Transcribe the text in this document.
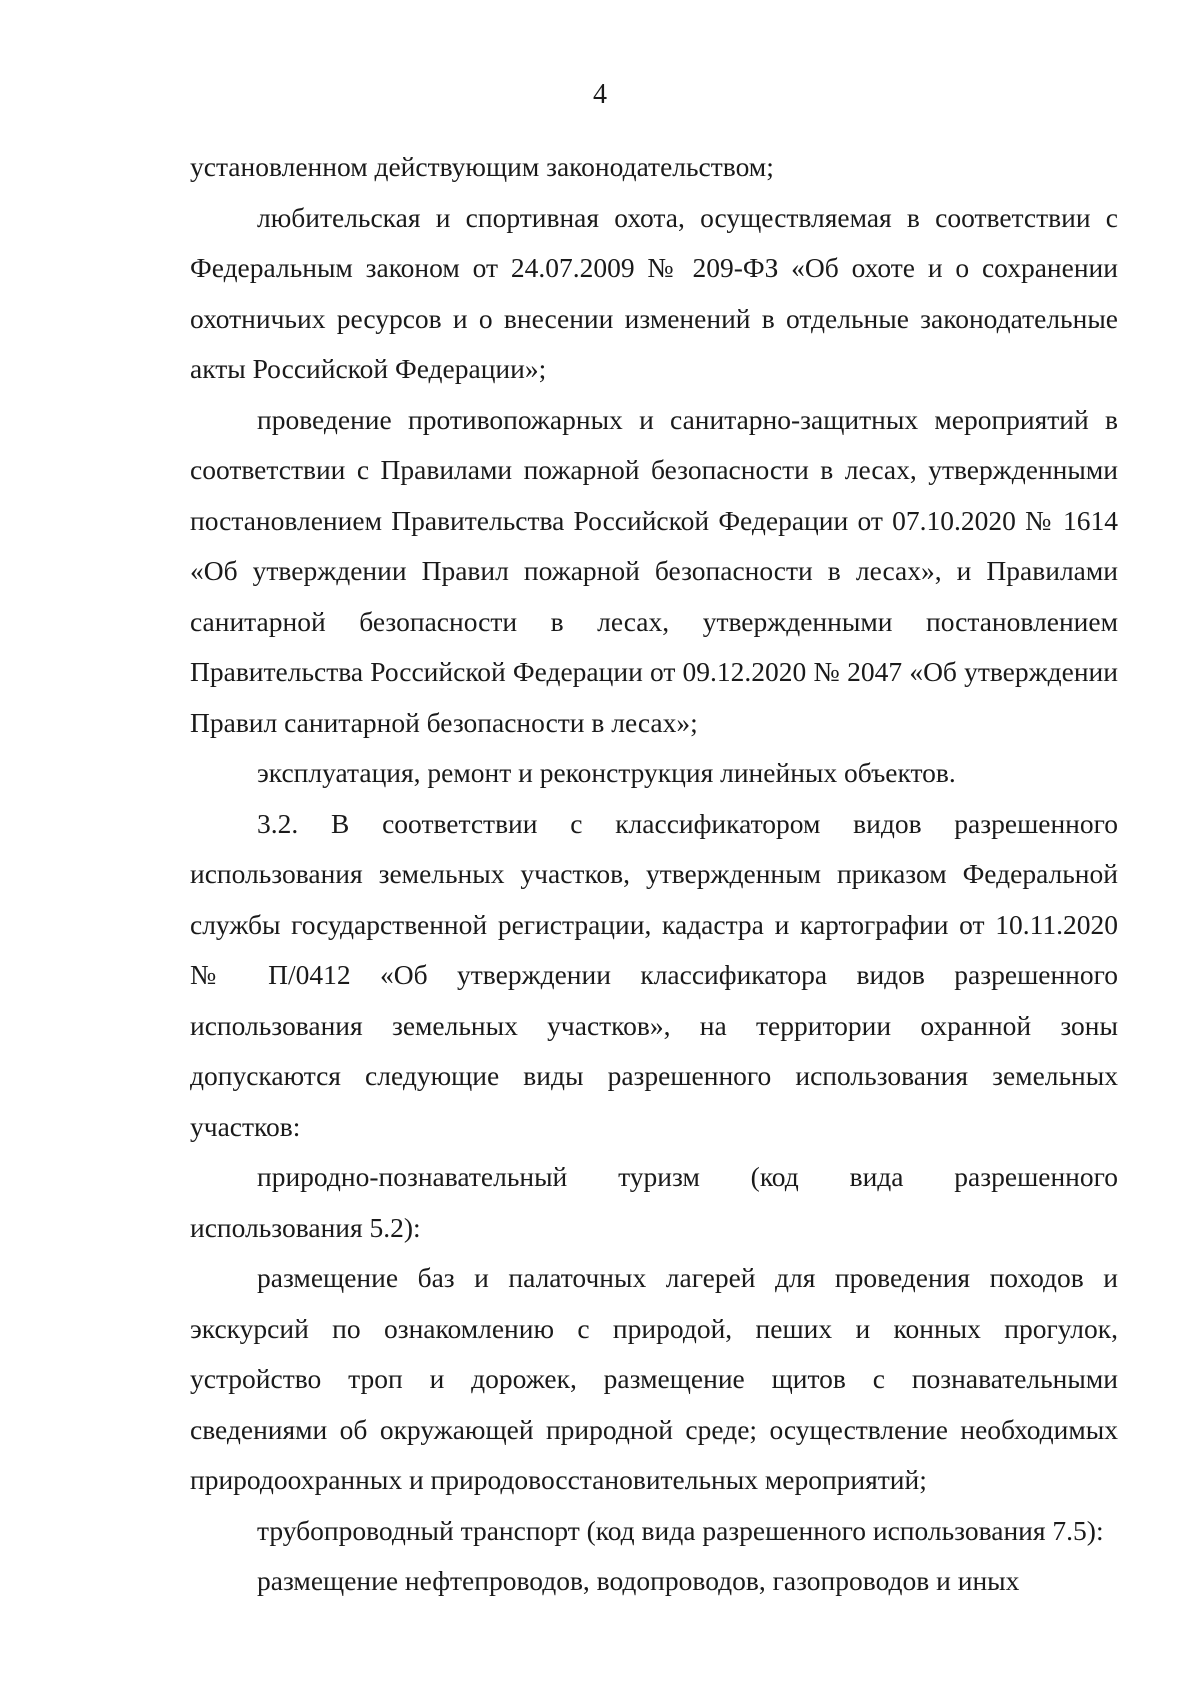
4

установленном действующим законодательством;

любительская и спортивная охота, осуществляемая в соответствии с Федеральным законом от 24.07.2009 № 209-ФЗ «Об охоте и о сохранении охотничьих ресурсов и о внесении изменений в отдельные законодательные акты Российской Федерации»;

проведение противопожарных и санитарно-защитных мероприятий в соответствии с Правилами пожарной безопасности в лесах, утвержденными постановлением Правительства Российской Федерации от 07.10.2020 № 1614 «Об утверждении Правил пожарной безопасности в лесах», и Правилами санитарной безопасности в лесах, утвержденными постановлением Правительства Российской Федерации от 09.12.2020 № 2047 «Об утверждении Правил санитарной безопасности в лесах»;

эксплуатация, ремонт и реконструкция линейных объектов.

3.2. В соответствии с классификатором видов разрешенного использования земельных участков, утвержденным приказом Федеральной службы государственной регистрации, кадастра и картографии от 10.11.2020 № П/0412 «Об утверждении классификатора видов разрешенного использования земельных участков», на территории охранной зоны допускаются следующие виды разрешенного использования земельных участков:

природно-познавательный туризм (код вида разрешенного использования 5.2):

размещение баз и палаточных лагерей для проведения походов и экскурсий по ознакомлению с природой, пеших и конных прогулок, устройство троп и дорожек, размещение щитов с познавательными сведениями об окружающей природной среде; осуществление необходимых природоохранных и природовосстановительных мероприятий;

трубопроводный транспорт (код вида разрешенного использования 7.5):

размещение нефтепроводов, водопроводов, газопроводов и иных
